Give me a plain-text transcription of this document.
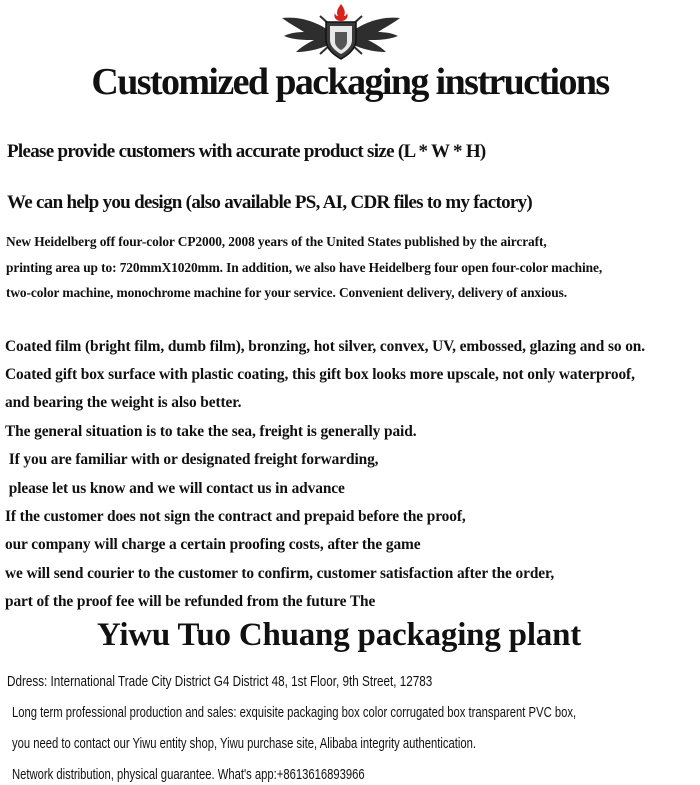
Customized packaging instructions
Please provide customers with accurate product size (L * W * H)
We can help you design (also available PS, AI, CDR files to my factory)
New Heidelberg off four-color CP2000, 2008 years of the United States published by the aircraft,
printing area up to: 720mmX1020mm. In addition, we also have Heidelberg four open four-color machine,
two-color machine, monochrome machine for your service. Convenient delivery, delivery of anxious.
Coated film (bright film, dumb film), bronzing, hot silver, convex, UV, embossed, glazing and so on.
Coated gift box surface with plastic coating, this gift box looks more upscale, not only waterproof,
and bearing the weight is also better.
The general situation is to take the sea, freight is generally paid.
If you are familiar with or designated freight forwarding,
please let us know and we will contact us in advance
If the customer does not sign the contract and prepaid before the proof,
our company will charge a certain proofing costs, after the game
we will send courier to the customer to confirm, customer satisfaction after the order,
part of the proof fee will be refunded from the future The
Yiwu Tuo Chuang packaging plant
Ddress: International Trade City District G4 District 48, 1st Floor, 9th Street, 12783
Long term professional production and sales: exquisite packaging box color corrugated box transparent PVC box,
you need to contact our Yiwu entity shop, Yiwu purchase site, Alibaba integrity authentication.
Network distribution, physical guarantee. What's app:+8613616893966
